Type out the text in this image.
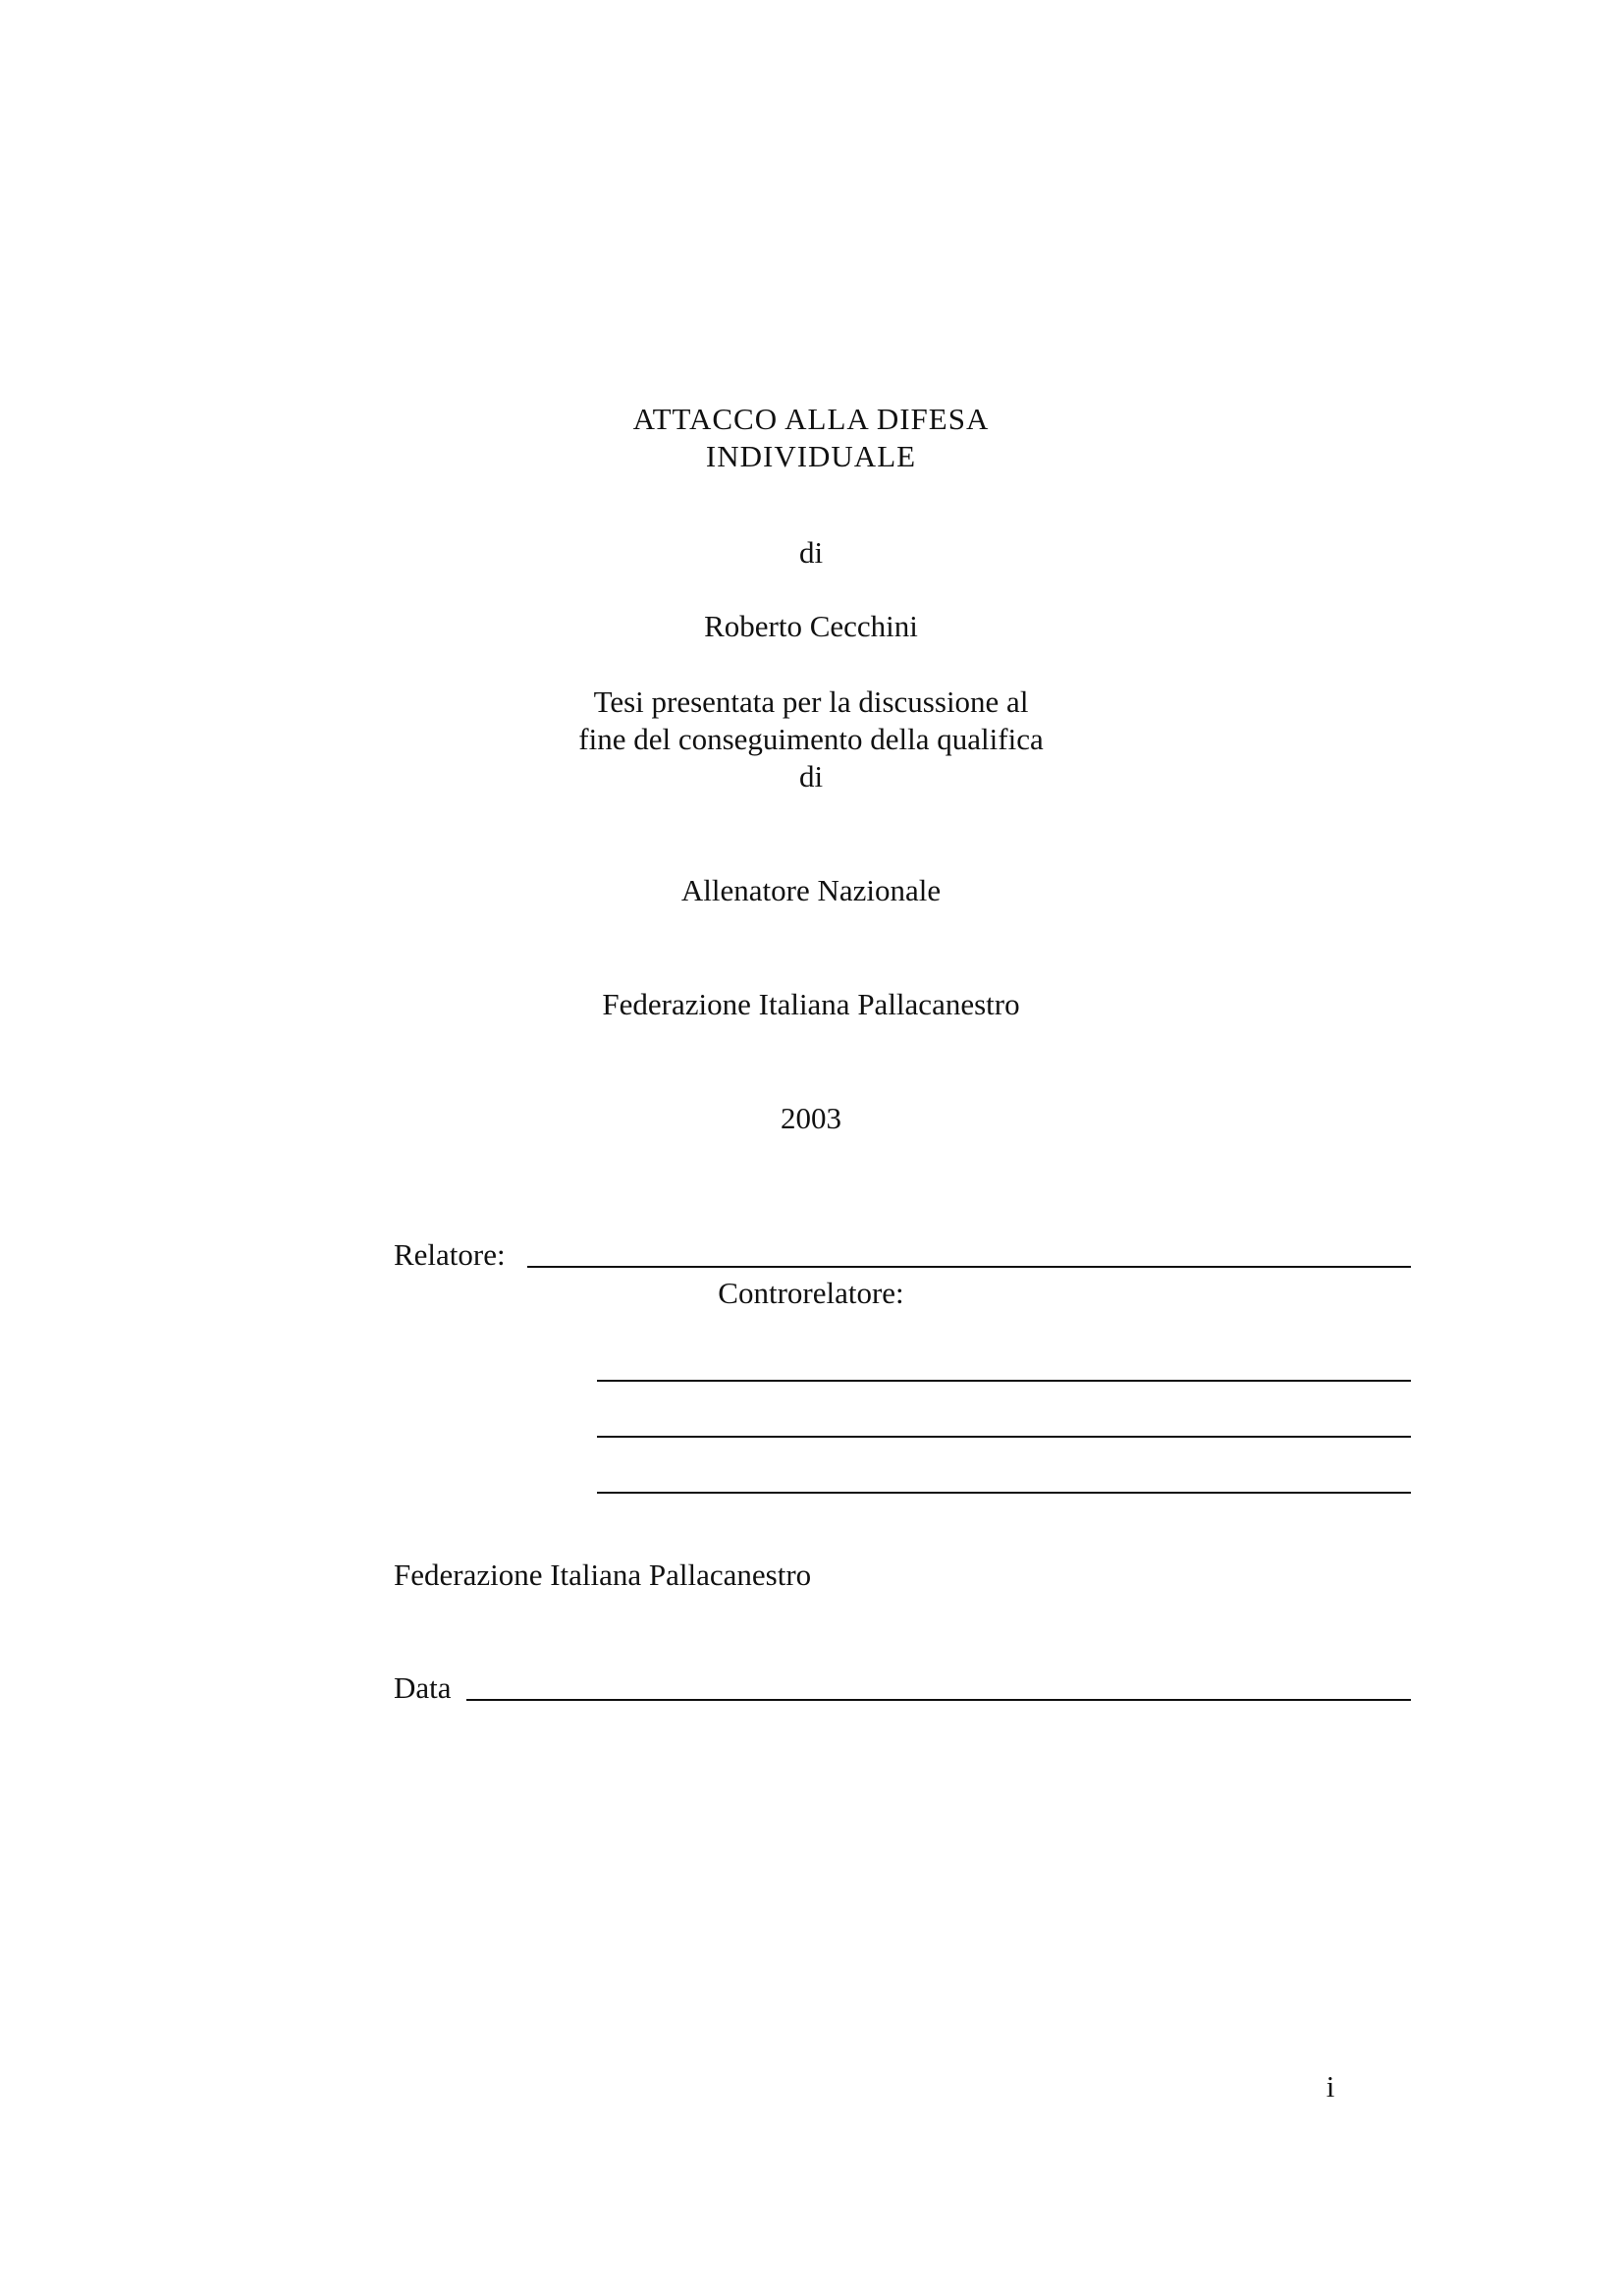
ATTACCO ALLA DIFESA
INDIVIDUALE
di
Roberto Cecchini
Tesi presentata per la discussione al
fine del conseguimento della qualifica
di
Allenatore Nazionale
Federazione Italiana Pallacanestro
2003
Relatore:
Controrelatore:
Federazione Italiana Pallacanestro
Data
i
